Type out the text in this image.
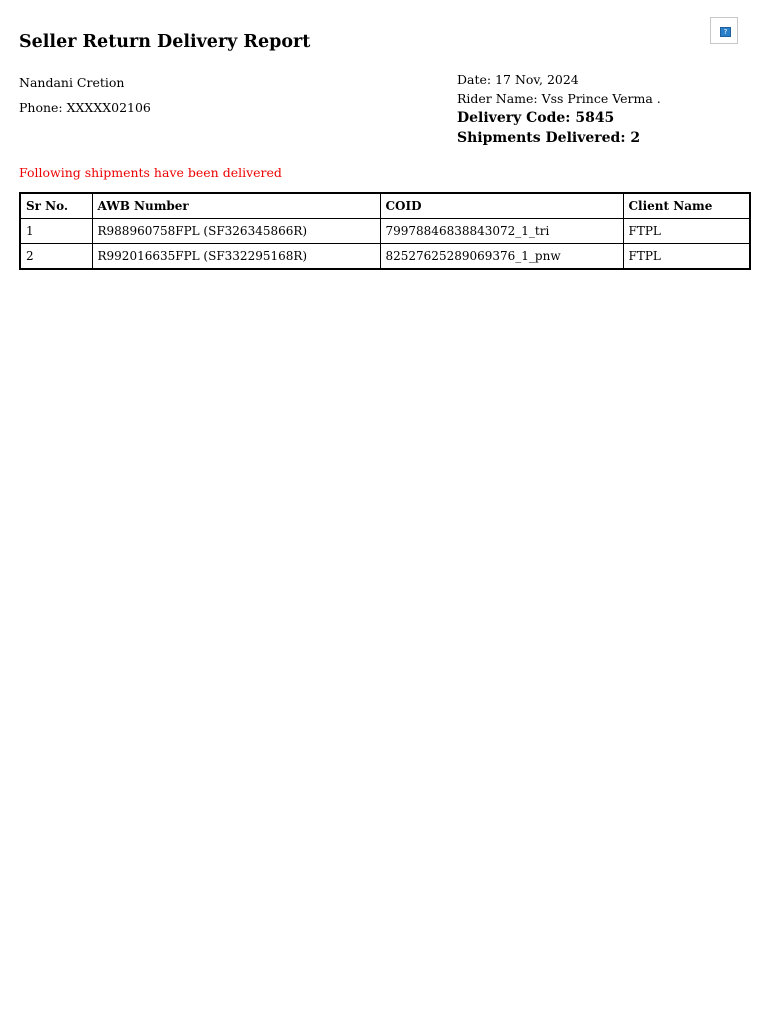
Seller Return Delivery Report	?
Nandani Cretion
Phone: XXXXX02106
Date: 17 Nov, 2024
Rider Name: Vss Prince Verma .
Delivery Code: 5845
Shipments Delivered: 2
Following shipments have been delivered
Sr No.	AWB Number	COID	Client Name
1	R988960758FPL (SF326345866R)	79978846838843072_1_tri	FTPL
2	R992016635FPL (SF332295168R)	82527625289069376_1_pnw	FTPL
